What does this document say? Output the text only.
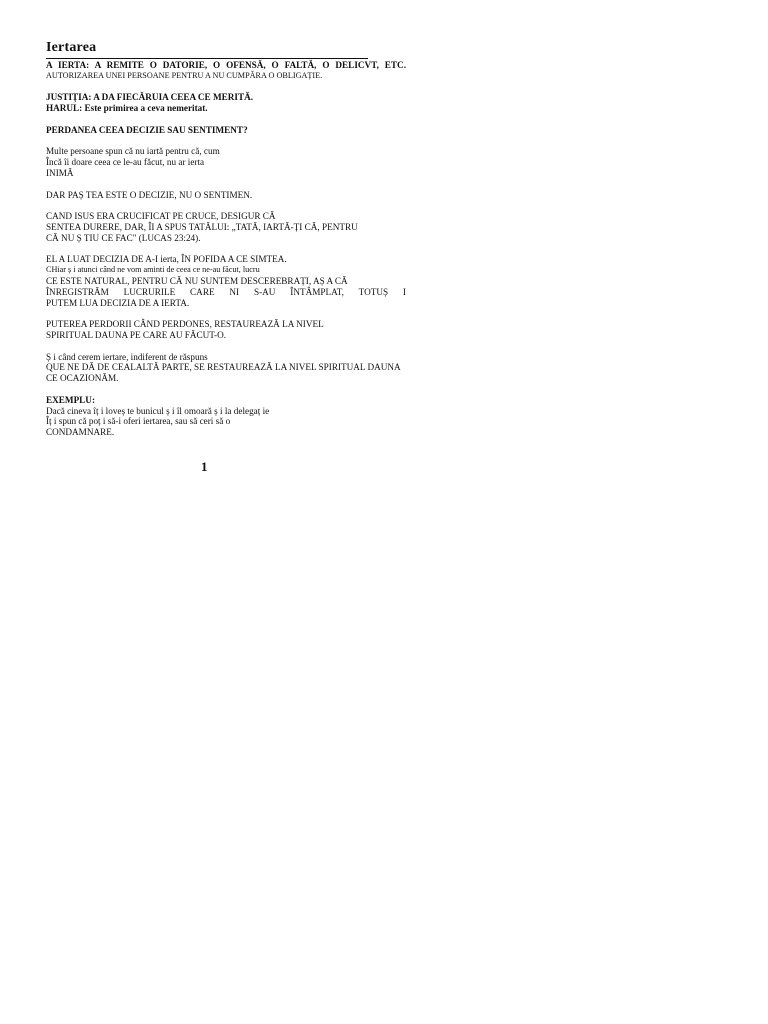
Iertarea
A IERTA: A REMITE O DATORIE, O OFENSĂ, O FALTĂ, O DELICVT, ETC.
AUTORIZAREA UNEI PERSOANE PENTRU A NU CUMPĂRA O OBLIGAȚIE.
JUSTIȚIA: A DA FIECĂRUIA CEEA CE MERITĂ.
HARUL: Este primirea a ceva nemeritat.
PERDANEA CEEA DECIZIE SAU SENTIMENT?
Multe persoane spun că nu iartă pentru că, cum
Încă îi doare ceea ce le-au făcut, nu ar ierta
INIMĂ
DAR PAȘ TEA ESTE O DECIZIE, NU O SENTIMEN.
CAND ISUS ERA CRUCIFICAT PE CRUCE, DESIGUR CĂ
SENTEA DURERE, DAR, ÎI A SPUS TATĂLUI: „TATĂ, IARTĂ-ȚI CĂ, PENTRU
CĂ NU Ș TIU CE FAC" (LUCAS 23:24).
EL A LUAT DECIZIA DE A-I iertа, ÎN POFIDA A CE SIMTEA.
CHiar ș i atunci când ne vom aminti de ceea ce ne-au făcut, lucru
CE ESTE NATURAL, PENTRU CĂ NU SUNTEM DESCEREBRAȚI, AȘ A CĂ
ÎNREGISTRĂM LUCRURILE CARE NI S-AU ÎNTÂMPLAT, TOTUȘ I
PUTEM LUA DECIZIA DE A IERTA.
PUTEREA PERDORII CÂND PERDONES, RESTAUREAZĂ LA NIVEL
SPIRITUAL DAUNA PE CARE AU FĂCUT-O.
Ș i când cerem iertare, indiferent de răspuns
QUE NE DĂ DE CEALALTĂ PARTE, SE RESTAUREAZĂ LA NIVEL SPIRITUAL DAUNA
CE OCAZIONĂM.
EXEMPLU:
Dacă cineva îț i loveș te bunicul ș i îl omoară ș i la delegaț ie
Îț i spun că poț i să-i oferi iertarea, sau să ceri să o
CONDAMNARE.
1
